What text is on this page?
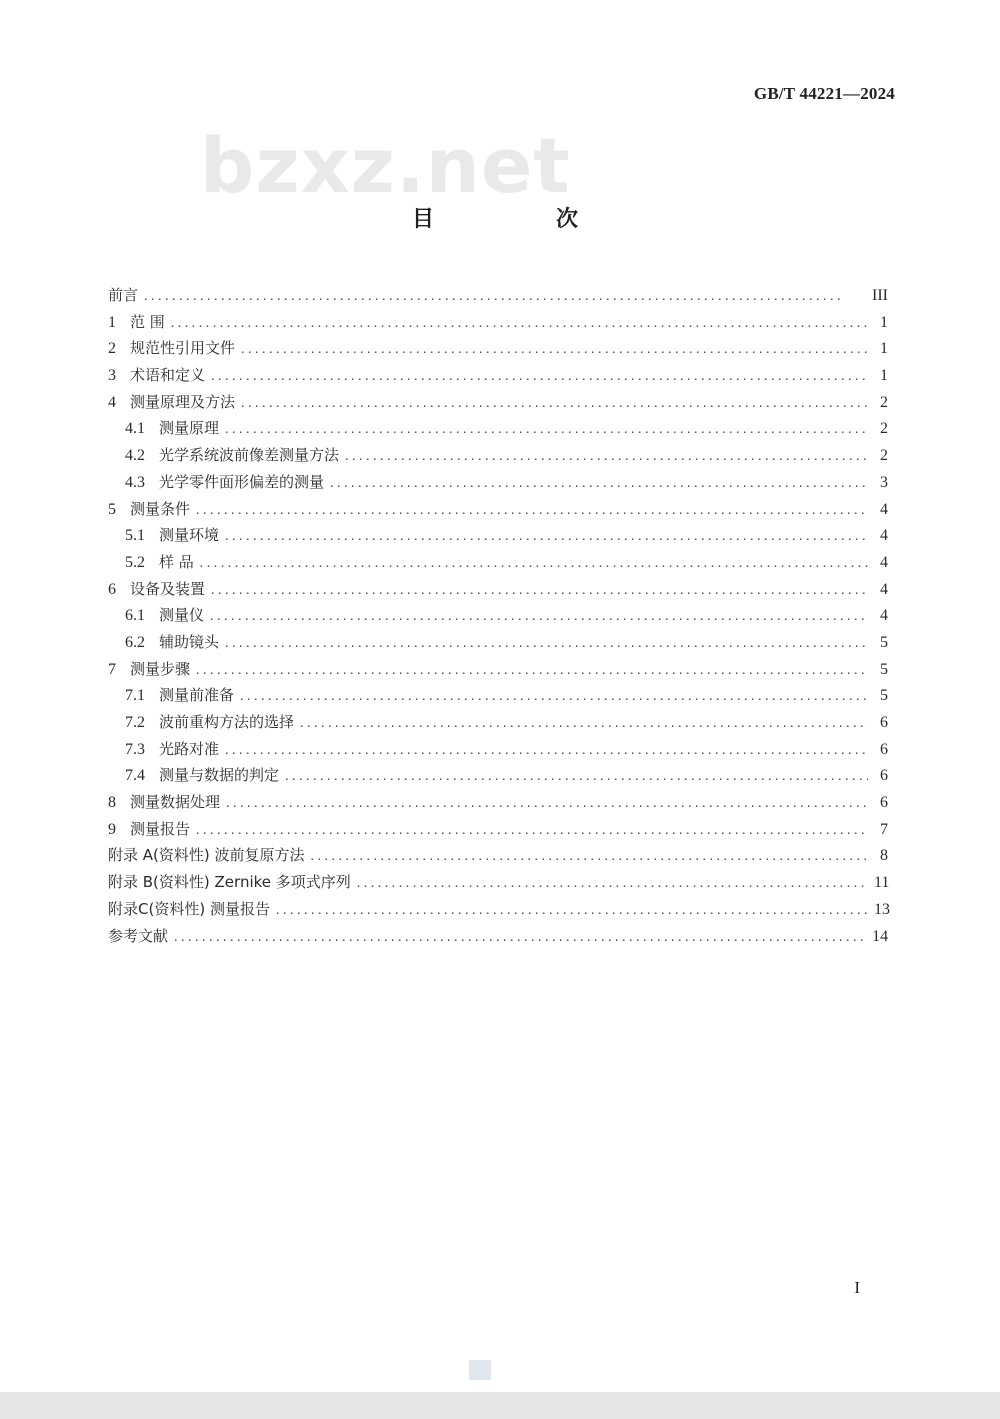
GB/T 44221—2024
bzxz.net
目　次
前言 . . .	III
1 范 围 . . .	1
2 规范性引用文件 . . .	1
3 术语和定义 . . .	1
4 测量原理及方法 . . .	2
4.1 测量原理 . . .	2
4.2 光学系统波前像差测量方法 . . .	2
4.3 光学零件面形偏差的测量 . . .	3
5 测量条件 . . .	4
5.1 测量环境 . . .	4
5.2 样 品 . . .	4
6 设备及装置 . . .	4
6.1 测量仪 . . .	4
6.2 辅助镜头 . . .	5
7 测量步骤 . . .	5
7.1 测量前准备 . . .	5
7.2 波前重构方法的选择 . . .	6
7.3 光路对准 . . .	6
7.4 测量与数据的判定 . . .	6
8 测量数据处理 . . .	6
9 测量报告 . . .	7
附录 A(资料性) 波前复原方法 . . .	8
附录 B(资料性) Zernike 多项式序列 . . .	11
附录C(资料性) 测量报告 . . .	13
参考文献 . . .	14
I
